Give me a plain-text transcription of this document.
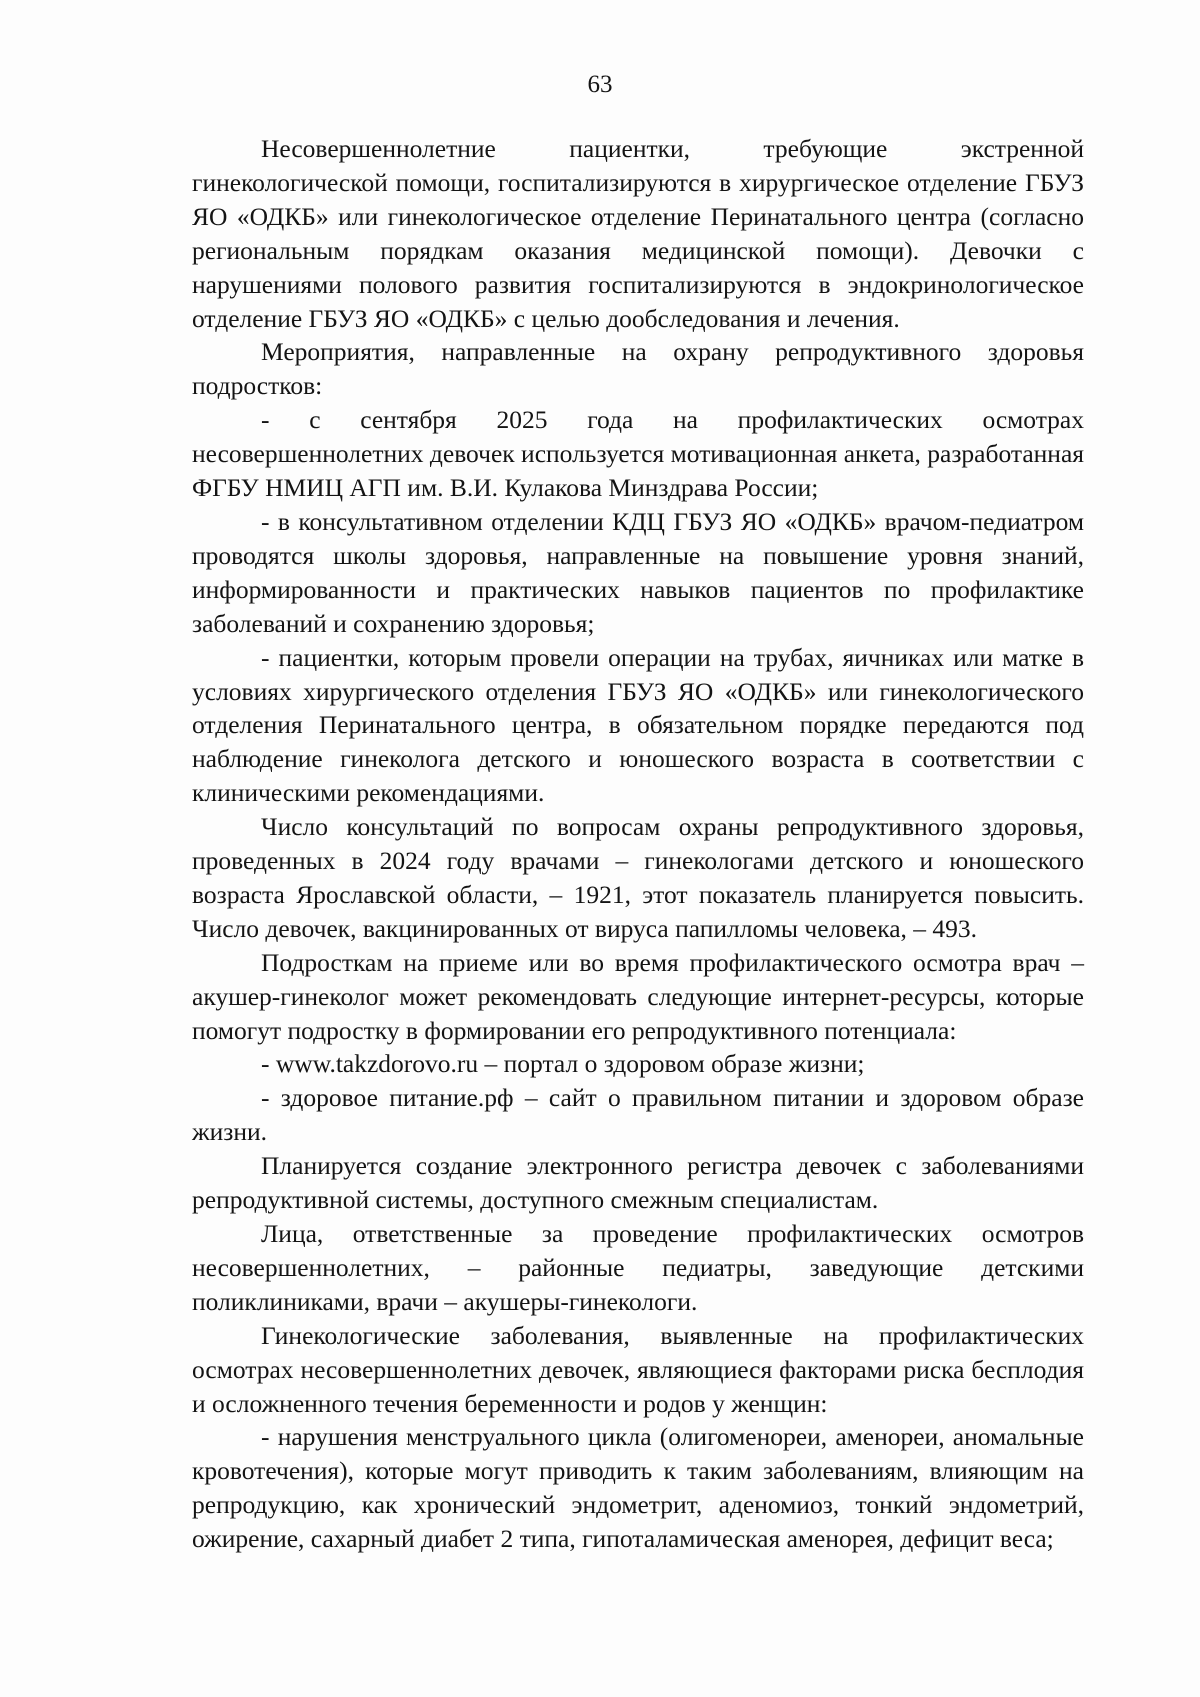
63

Несовершеннолетние пациентки, требующие экстренной гинекологической помощи, госпитализируются в хирургическое отделение ГБУЗ ЯО «ОДКБ» или гинекологическое отделение Перинатального центра (согласно региональным порядкам оказания медицинской помощи). Девочки с нарушениями полового развития госпитализируются в эндокринологическое отделение ГБУЗ ЯО «ОДКБ» с целью дообследования и лечения.

Мероприятия, направленные на охрану репродуктивного здоровья подростков:

- с сентября 2025 года на профилактических осмотрах несовершеннолетних девочек используется мотивационная анкета, разработанная ФГБУ НМИЦ АГП им. В.И. Кулакова Минздрава России;

- в консультативном отделении КДЦ ГБУЗ ЯО «ОДКБ» врачом-педиатром проводятся школы здоровья, направленные на повышение уровня знаний, информированности и практических навыков пациентов по профилактике заболеваний и сохранению здоровья;

- пациентки, которым провели операции на трубах, яичниках или матке в условиях хирургического отделения ГБУЗ ЯО «ОДКБ» или гинекологического отделения Перинатального центра, в обязательном порядке передаются под наблюдение гинеколога детского и юношеского возраста в соответствии с клиническими рекомендациями.

Число консультаций по вопросам охраны репродуктивного здоровья, проведенных в 2024 году врачами – гинекологами детского и юношеского возраста Ярославской области, – 1921, этот показатель планируется повысить. Число девочек, вакцинированных от вируса папилломы человека, – 493.

Подросткам на приеме или во время профилактического осмотра врач – акушер-гинеколог может рекомендовать следующие интернет-ресурсы, которые помогут подростку в формировании его репродуктивного потенциала:

- www.takzdorovo.ru – портал о здоровом образе жизни;

- здоровое питание.рф – сайт о правильном питании и здоровом образе жизни.

Планируется создание электронного регистра девочек с заболеваниями репродуктивной системы, доступного смежным специалистам.

Лица, ответственные за проведение профилактических осмотров несовершеннолетних, – районные педиатры, заведующие детскими поликлиниками, врачи – акушеры-гинекологи.

Гинекологические заболевания, выявленные на профилактических осмотрах несовершеннолетних девочек, являющиеся факторами риска бесплодия и осложненного течения беременности и родов у женщин:

- нарушения менструального цикла (олигоменореи, аменореи, аномальные кровотечения), которые могут приводить к таким заболеваниям, влияющим на репродукцию, как хронический эндометрит, аденомиоз, тонкий эндометрий, ожирение, сахарный диабет 2 типа, гипоталамическая аменорея, дефицит веса;
